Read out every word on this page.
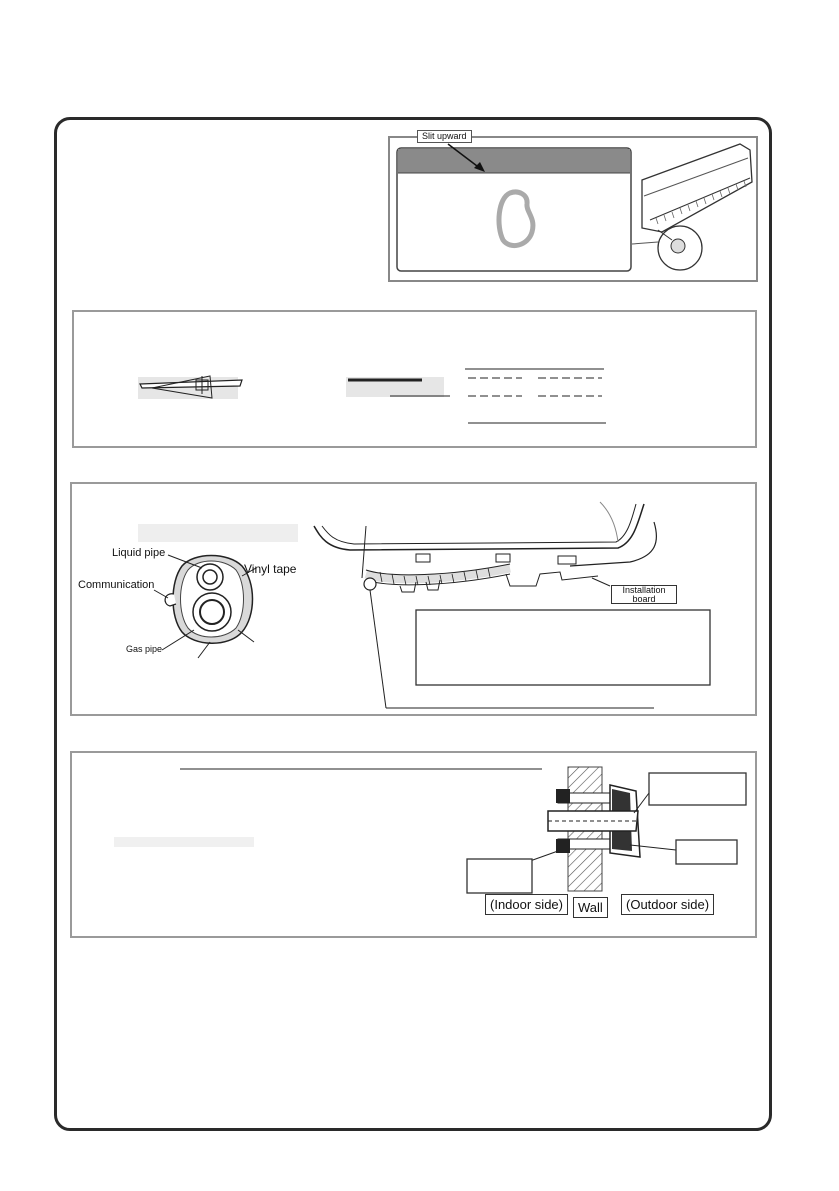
Slit upward
Liquid pipe
Vinyl tape
Communication
Gas pipe
Installation
board
(Indoor side)	Wall	(Outdoor side)
